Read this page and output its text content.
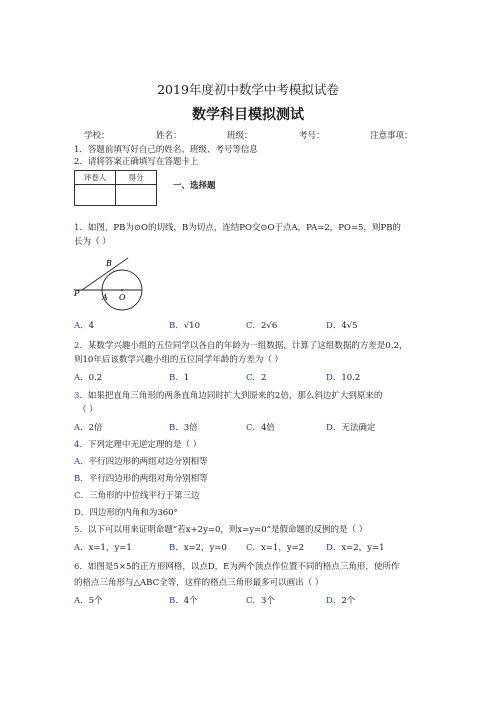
2019年度初中数学中考模拟试卷
数学科目模拟测试
学校：	姓名：	班级：	考号：	注意事项：
1．答题前填写好自己的姓名、班级、考号等信息
2．请将答案正确填写在答题卡上
评卷人	得分

一、选择题
1．如图，PB为⊙O的切线，B为切点，连结PO交⊙O于点A，PA=2，PO=5，则PB的
长为（ ）
B
P	A O
A．4	B．√10	C．2√6	D．4√5
2．某数学兴趣小组的五位同学以各自的年龄为一组数据，计算了这组数据的方差是0.2，
则10年后该数学兴趣小组的五位同学年龄的方差为（ ）
A．0.2	B．1	C．2	D．10.2
3．如果把直角三角形的两条直角边同时扩大到原来的2倍，那么斜边扩大到原来的
（ ）
A．2倍	B．3倍	C．4倍	D．无法确定
4．下列定理中无逆定理的是（ ）
A．平行四边形的两组对边分别相等
B．平行四边形的两组对角分别相等
C．三角形的中位线平行于第三边
D．四边形的内角和为360°
5．以下可以用来证明命题“若x+2y=0，则x=y=0”是假命题的反例的是（ ）
A．x=1，y=1	B．x=2，y=0 C．x=1，y=2	D．x=2，y=1
6．如图是5×5的正方形网格，以点D，E为两个顶点作位置不同的格点三角形，使所作
的格点三角形与△ABC全等，这样的格点三角形最多可以画出（ ）
A．5个	B．4个	C．3个	D．2个
